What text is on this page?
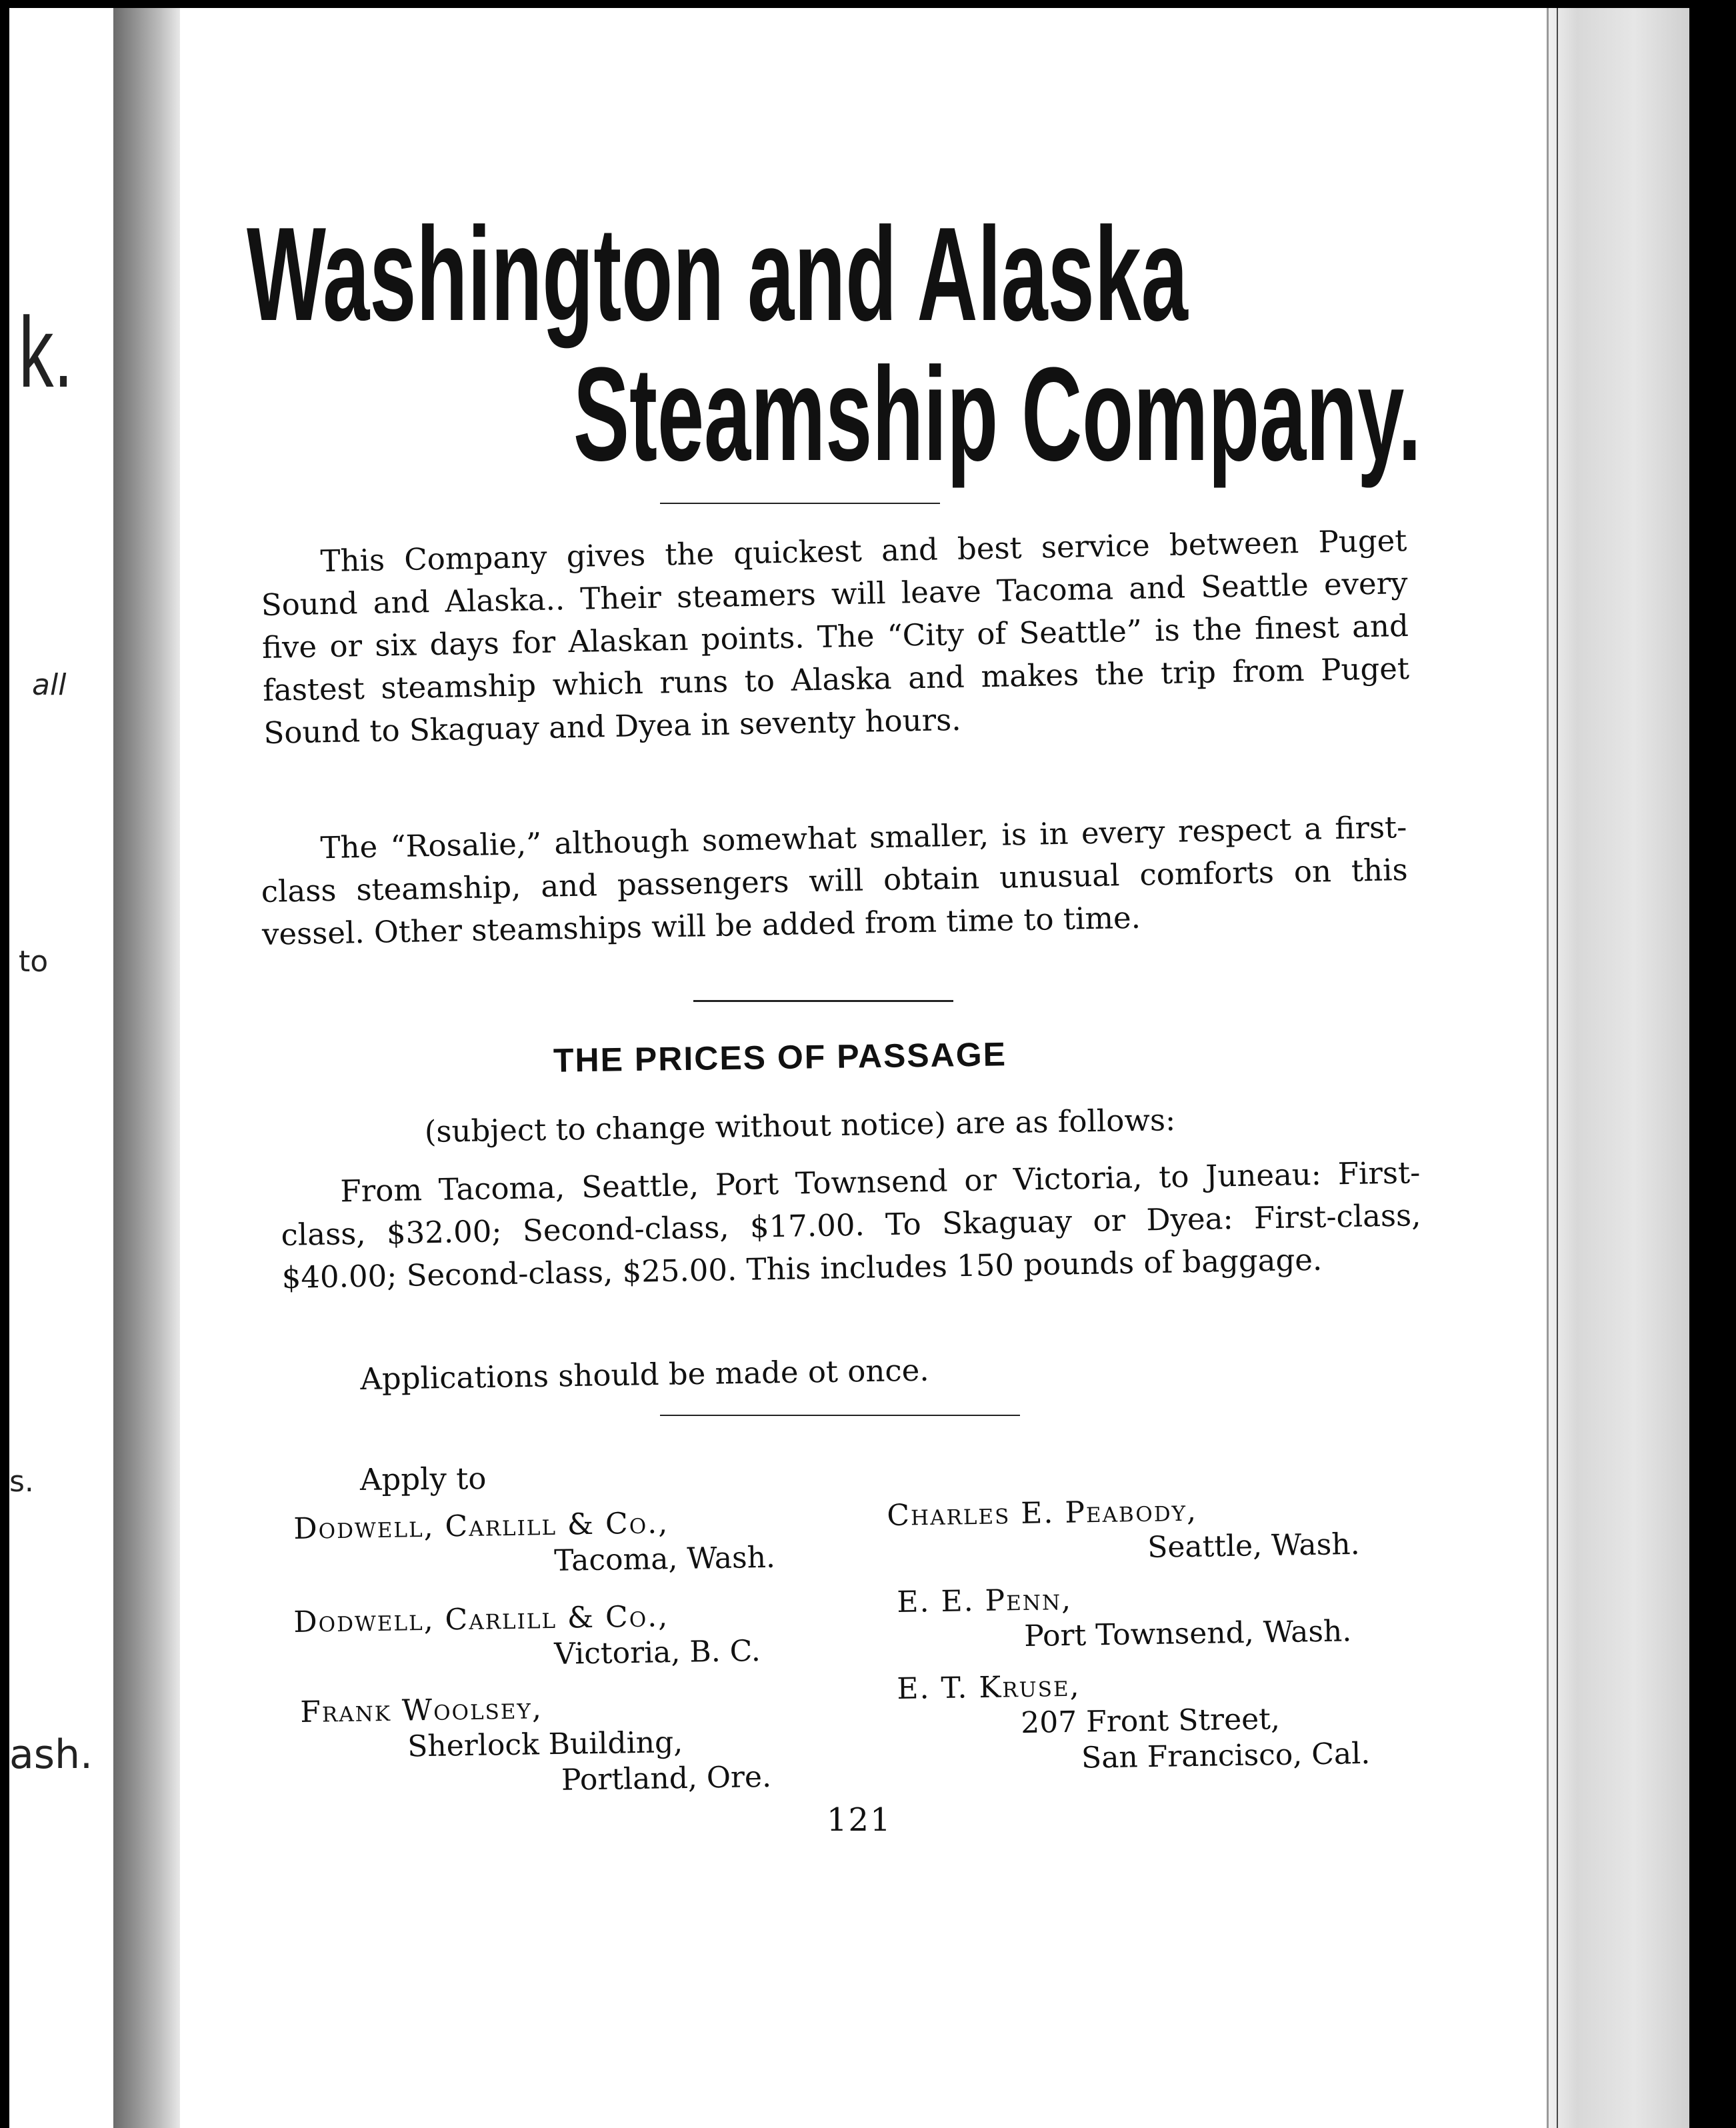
k.
all
to
s.
ash.
Washington and Alaska
Steamship Company.
This Company gives the quickest and best service between Puget Sound and Alaska.. Their steamers will leave Tacoma and Seattle every five or six days for Alaskan points. The “City of Seattle” is the finest and fastest steamship which runs to Alaska and makes the trip from Puget Sound to Skaguay and Dyea in seventy hours.
The “Rosalie,” although somewhat smaller, is in every respect a first-class steamship, and passengers will obtain unusual comforts on this vessel. Other steamships will be added from time to time.
THE PRICES OF PASSAGE
(subject to change without notice) are as follows:
From Tacoma, Seattle, Port Townsend or Victoria, to Juneau: First-class, $32.00; Second-class, $17.00. To Skaguay or Dyea: First-class, $40.00; Second-class, $25.00. This includes 150 pounds of baggage.
Applications should be made ot once.
Apply to
Dodwell, Carlill & Co.,
Tacoma, Wash.
Dodwell, Carlill & Co.,
Victoria, B. C.
Frank Woolsey,
Sherlock Building,
Portland, Ore.
Charles E. Peabody,
Seattle, Wash.
E. E. Penn,
Port Townsend, Wash.
E. T. Kruse,
207 Front Street,
San Francisco, Cal.
121
